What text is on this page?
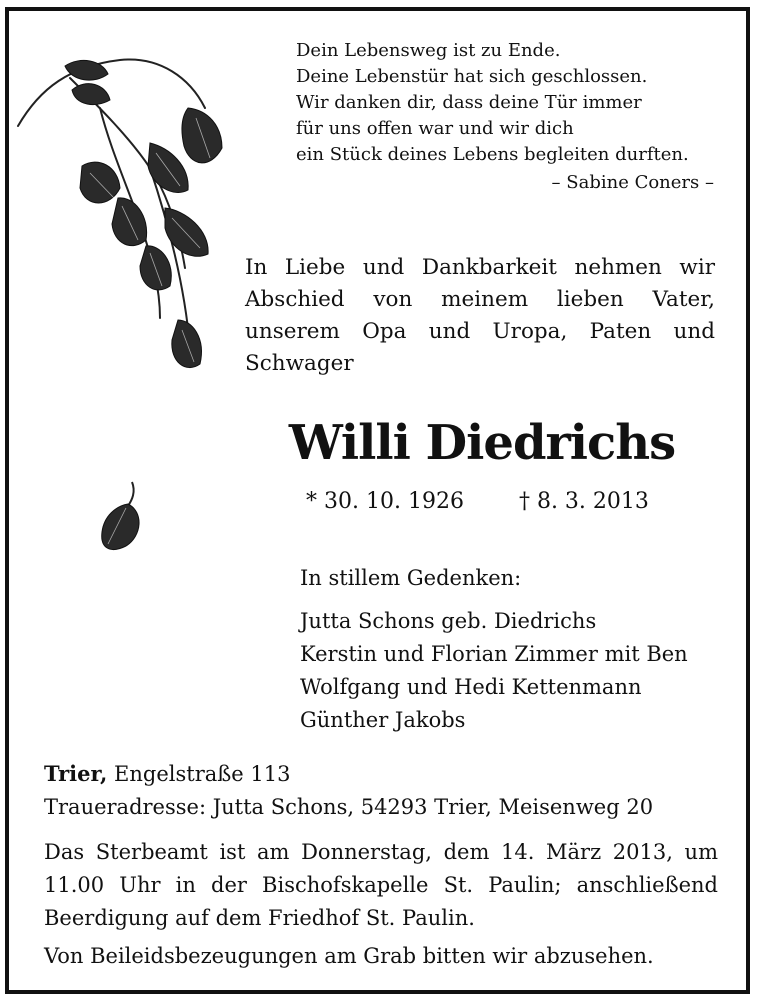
Dein Lebensweg ist zu Ende.
Deine Lebenstür hat sich geschlossen.
Wir danken dir, dass deine Tür immer
für uns offen war und wir dich
ein Stück deines Lebens begleiten durften.
– Sabine Coners –
In Liebe und Dankbarkeit nehmen wir Abschied von meinem lieben Vater, unserem Opa und Uropa, Paten und Schwager
Willi Diedrichs
* 30. 10. 1926	† 8. 3. 2013
In stillem Gedenken:
Jutta Schons geb. Diedrichs
Kerstin und Florian Zimmer mit Ben
Wolfgang und Hedi Kettenmann
Günther Jakobs
Trier, Engelstraße 113
Traueradresse: Jutta Schons, 54293 Trier, Meisenweg 20
Das Sterbeamt ist am Donnerstag, dem 14. März 2013, um 11.00 Uhr in der Bischofskapelle St. Paulin; anschließend Beerdigung auf dem Friedhof St. Paulin.
Von Beileidsbezeugungen am Grab bitten wir abzusehen.
